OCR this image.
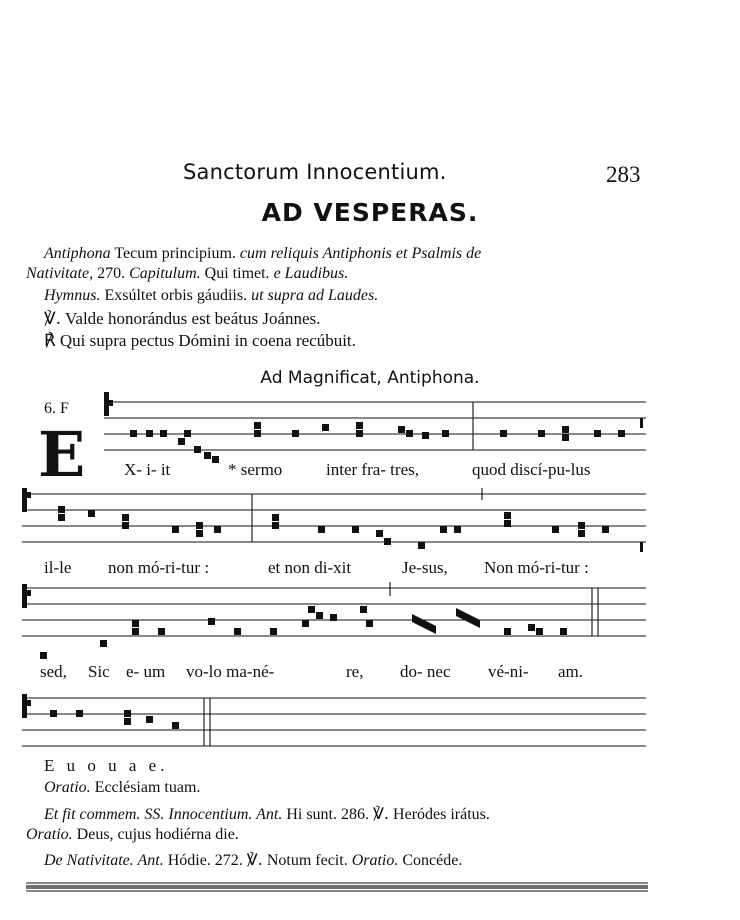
Sanctorum Innocentium.	283
AD VESPERAS.
Antiphona Tecum principium. cum reliquis Antiphonis et Psalmis de
Nativitate, 270. Capitulum. Qui timet. e Laudibus.
Hymnus. Exsúltet orbis gáudiis. ut supra ad Laudes.
℣. Valde honorándus est beátus Joánnes.
℟ Qui supra pectus Dómini in coena recúbuit.
Ad Magnificat, Antiphona.
6. F
E X- i- it	* sermo	inter fra- tres,	quod discí-pu-lus
il-le non mó-ri-tur :	et non di-xit	Je-sus, Non mó-ri-tur :
sed, Sic e- um vo-lo ma-né-	re, do- nec vé-ni- am.
E u o u a e.
Oratio. Ecclésiam tuam.
Et fit commem. SS. Innocentium. Ant. Hi sunt. 286. ℣. Heródes irátus.
Oratio. Deus, cujus hodiérna die.
De Nativitate. Ant. Hódie. 272. ℣. Notum fecit. Oratio. Concéde.
